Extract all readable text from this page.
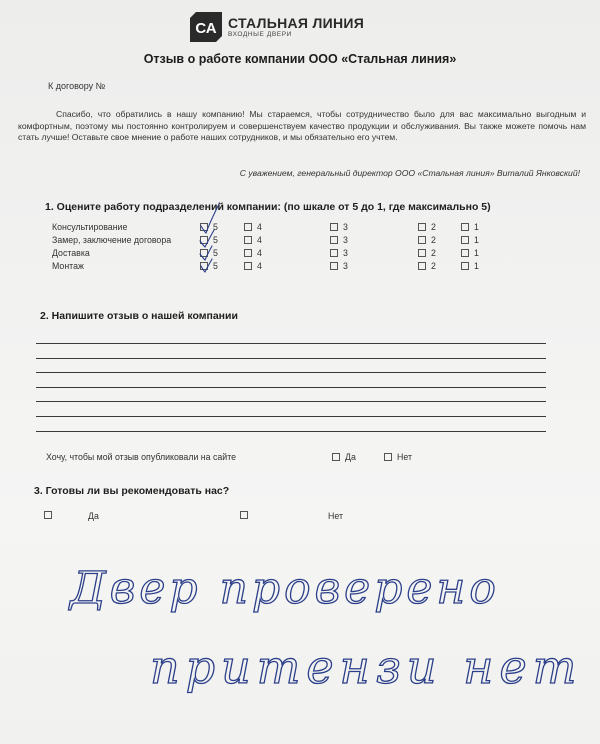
СА СТАЛЬНАЯ ЛИНИЯ
ВХОДНЫЕ ДВЕРИ
Отзыв о работе компании ООО «Стальная линия»
К договору №

Спасибо, что обратились в нашу компанию! Мы стараемся, чтобы сотрудничество было для вас максимально выгодным и комфортным, поэтому мы постоянно контролируем и совершенствуем качество продукции и обслуживания. Вы также можете помочь нам стать лучше! Оставьте свое мнение о работе наших сотрудников, и мы обязательно его учтем.

С уважением, генеральный директор ООО «Стальная линия» Виталий Янковский!
1. Оцените работу подразделений компании: (по шкале от 5 до 1, где максимально 5)
Консультирование	5	4	3	2	1
Замер, заключение договора	5	4	3	2	1
Доставка	5	4	3	2	1
Монтаж	5	4	3	2	1
2. Напишите отзыв о нашей компании
Хочу, чтобы мой отзыв опубликовали на сайте	Да	Нет
3. Готовы ли вы рекомендовать нас?
Да	Нет
Двер проверено
притензи нет
